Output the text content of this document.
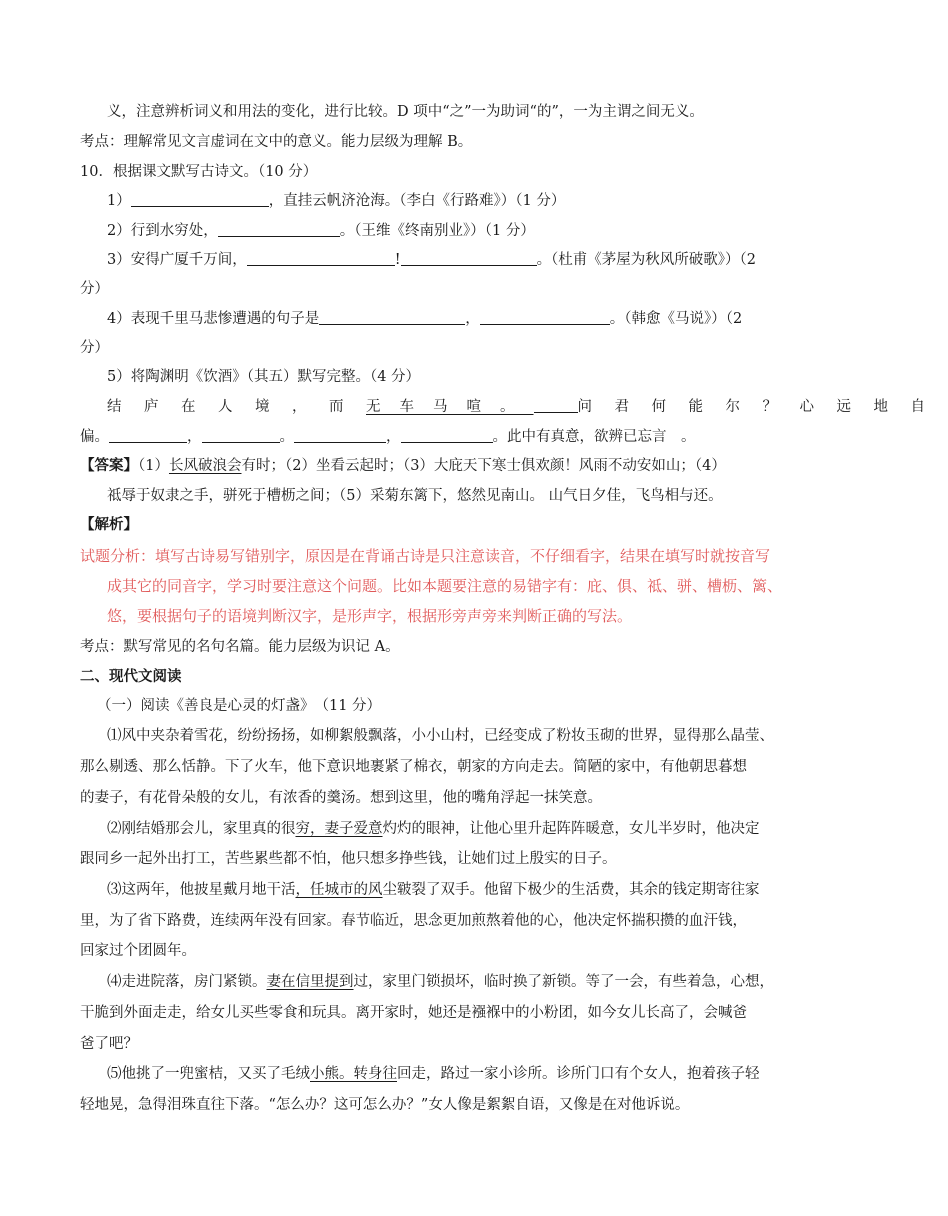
义，注意辨析词义和用法的变化，进行比较。D 项中“之”一为助词“的”，一为主谓之间无义。
考点：理解常见文言虚词在文中的意义。能力层级为理解 B。
10．根据课文默写古诗文。（10 分）
1）	，直挂云帆济沧海。（李白《行路难》）（1 分）
2）行到水穷处，	。（王维《终南别业》）（1 分）
3）安得广厦千万间，	!	。（杜甫《茅屋为秋风所破歌》）（2
分）
4）表现千里马悲惨遭遇的句子是	，	。（韩愈《马说》）（2
分）
5）将陶渊明《饮酒》（其五）默写完整。（4 分）
结庐在人境，而无车马喧。	问君何能尔？心远地自
偏。	，	。	，	。此中有真意，欲辨已忘言　。
【答案】（1）长风破浪会有时；（2）坐看云起时；（3）大庇天下寒士俱欢颜！风雨不动安如山；（4）
祗辱于奴隶之手，骈死于槽枥之间；（5）采菊东篱下，悠然见南山。 山气日夕佳，飞鸟相与还。
【解析】
试题分析：填写古诗易写错别字，原因是在背诵古诗是只注意读音，不仔细看字，结果在填写时就按音写
成其它的同音字，学习时要注意这个问题。比如本题要注意的易错字有：庇、俱、祗、骈、槽枥、篱、
悠，要根据句子的语境判断汉字，是形声字，根据形旁声旁来判断正确的写法。
考点：默写常见的名句名篇。能力层级为识记 A。
二、现代文阅读
（一）阅读《善良是心灵的灯盏》　（11 分）
⑴风中夹杂着雪花，纷纷扬扬，如柳絮般飘落，小小山村，已经变成了粉妆玉砌的世界，显得那么晶莹、
那么剔透、那么恬静。下了火车，他下意识地裹紧了棉衣，朝家的方向走去。简陋的家中，有他朝思暮想
的妻子，有花骨朵般的女儿，有浓香的羹汤。想到这里，他的嘴角浮起一抹笑意。
⑵刚结婚那会儿，家里真的很穷，妻子爱意灼灼的眼神，让他心里升起阵阵暖意，女儿半岁时，他决定
跟同乡一起外出打工，苦些累些都不怕，他只想多挣些钱，让她们过上殷实的日子。
⑶这两年，他披星戴月地干活，任城市的风尘皲裂了双手。他留下极少的生活费，其余的钱定期寄往家
里，为了省下路费，连续两年没有回家。春节临近，思念更加煎熬着他的心，他决定怀揣积攒的血汗钱，
回家过个团圆年。
⑷走进院落，房门紧锁。妻在信里提到过，家里门锁损坏，临时换了新锁。等了一会，有些着急，心想，
干脆到外面走走，给女儿买些零食和玩具。离开家时，她还是襁褓中的小粉团，如今女儿长高了，会喊爸
爸了吧？
⑸他挑了一兜蜜桔，又买了毛绒小熊。转身往回走，路过一家小诊所。诊所门口有个女人，抱着孩子轻
轻地晃，急得泪珠直往下落。“怎么办？这可怎么办？”女人像是絮絮自语，又像是在对他诉说。
